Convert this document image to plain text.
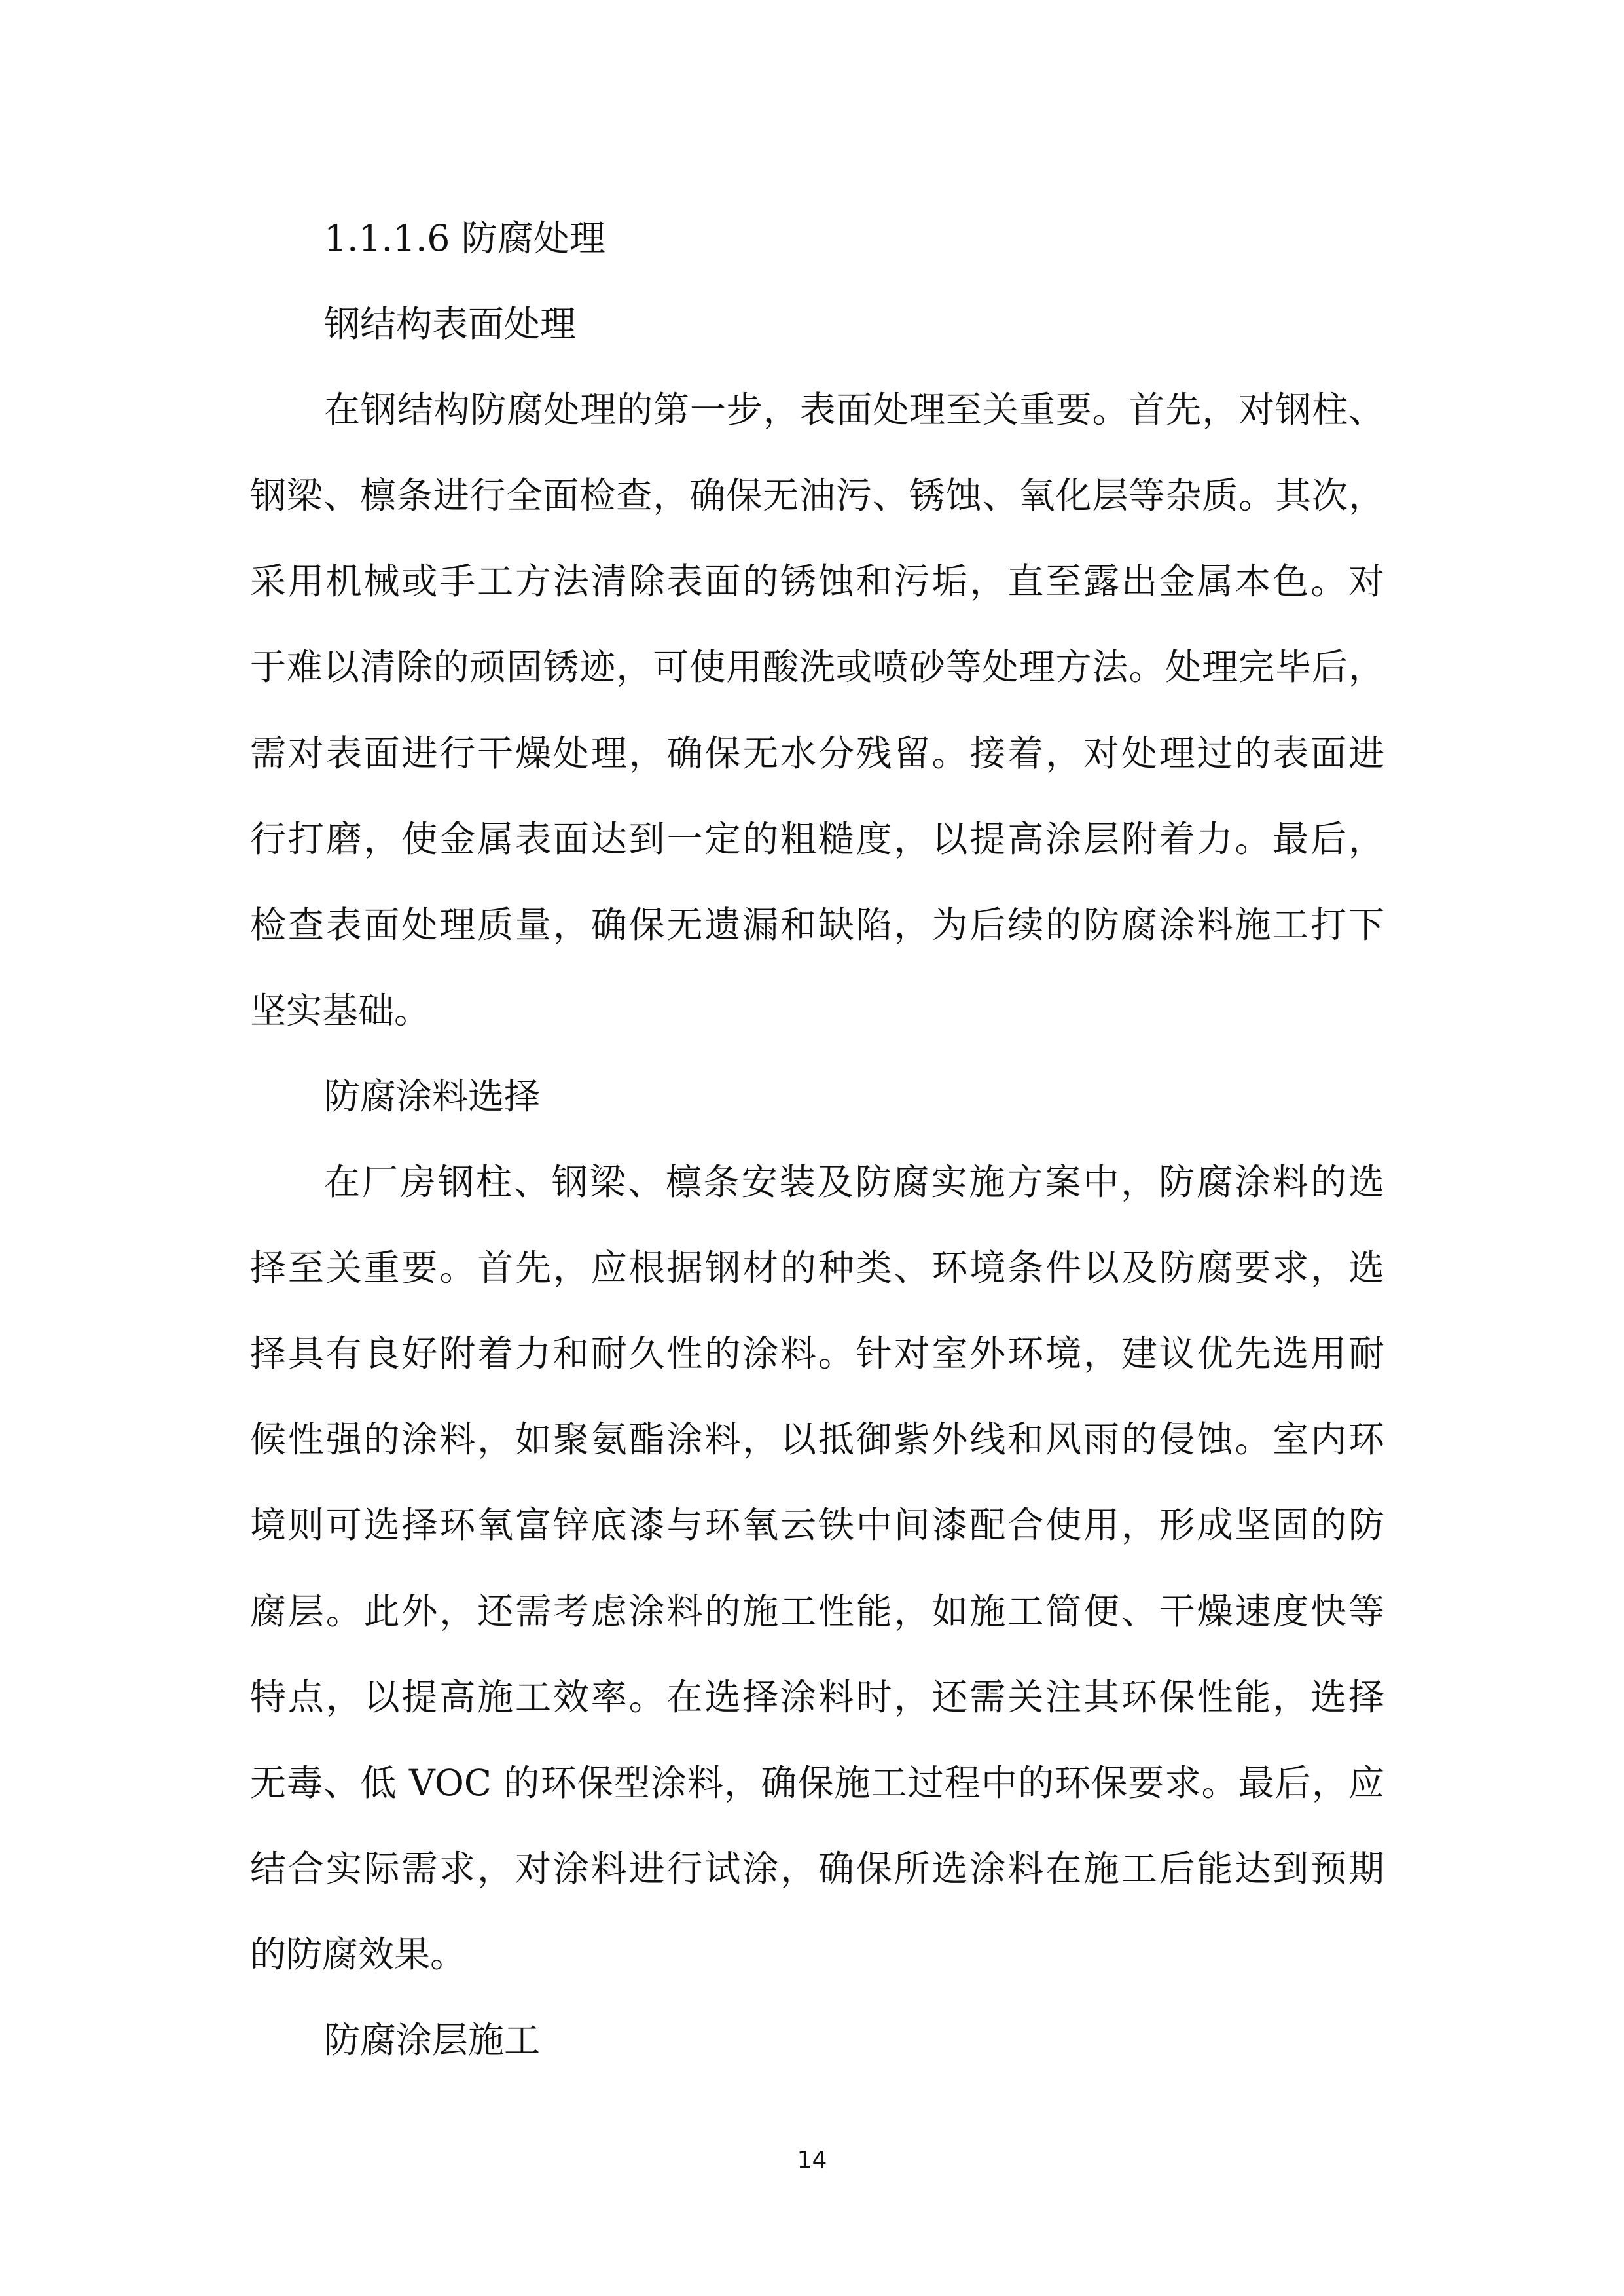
1.1.1.6 防腐处理
钢结构表面处理
在钢结构防腐处理的第一步，表面处理至关重要。首先，对钢柱、
钢梁、檩条进行全面检查，确保无油污、锈蚀、氧化层等杂质。其次，
采用机械或手工方法清除表面的锈蚀和污垢，直至露出金属本色。对
于难以清除的顽固锈迹，可使用酸洗或喷砂等处理方法。处理完毕后，
需对表面进行干燥处理，确保无水分残留。接着，对处理过的表面进
行打磨，使金属表面达到一定的粗糙度，以提高涂层附着力。最后，
检查表面处理质量，确保无遗漏和缺陷，为后续的防腐涂料施工打下
坚实基础。
防腐涂料选择
在厂房钢柱、钢梁、檩条安装及防腐实施方案中，防腐涂料的选
择至关重要。首先，应根据钢材的种类、环境条件以及防腐要求，选
择具有良好附着力和耐久性的涂料。针对室外环境，建议优先选用耐
候性强的涂料，如聚氨酯涂料，以抵御紫外线和风雨的侵蚀。室内环
境则可选择环氧富锌底漆与环氧云铁中间漆配合使用，形成坚固的防
腐层。此外，还需考虑涂料的施工性能，如施工简便、干燥速度快等
特点，以提高施工效率。在选择涂料时，还需关注其环保性能，选择
无毒、低 VOC 的环保型涂料，确保施工过程中的环保要求。最后，应
结合实际需求，对涂料进行试涂，确保所选涂料在施工后能达到预期
的防腐效果。
防腐涂层施工
14
